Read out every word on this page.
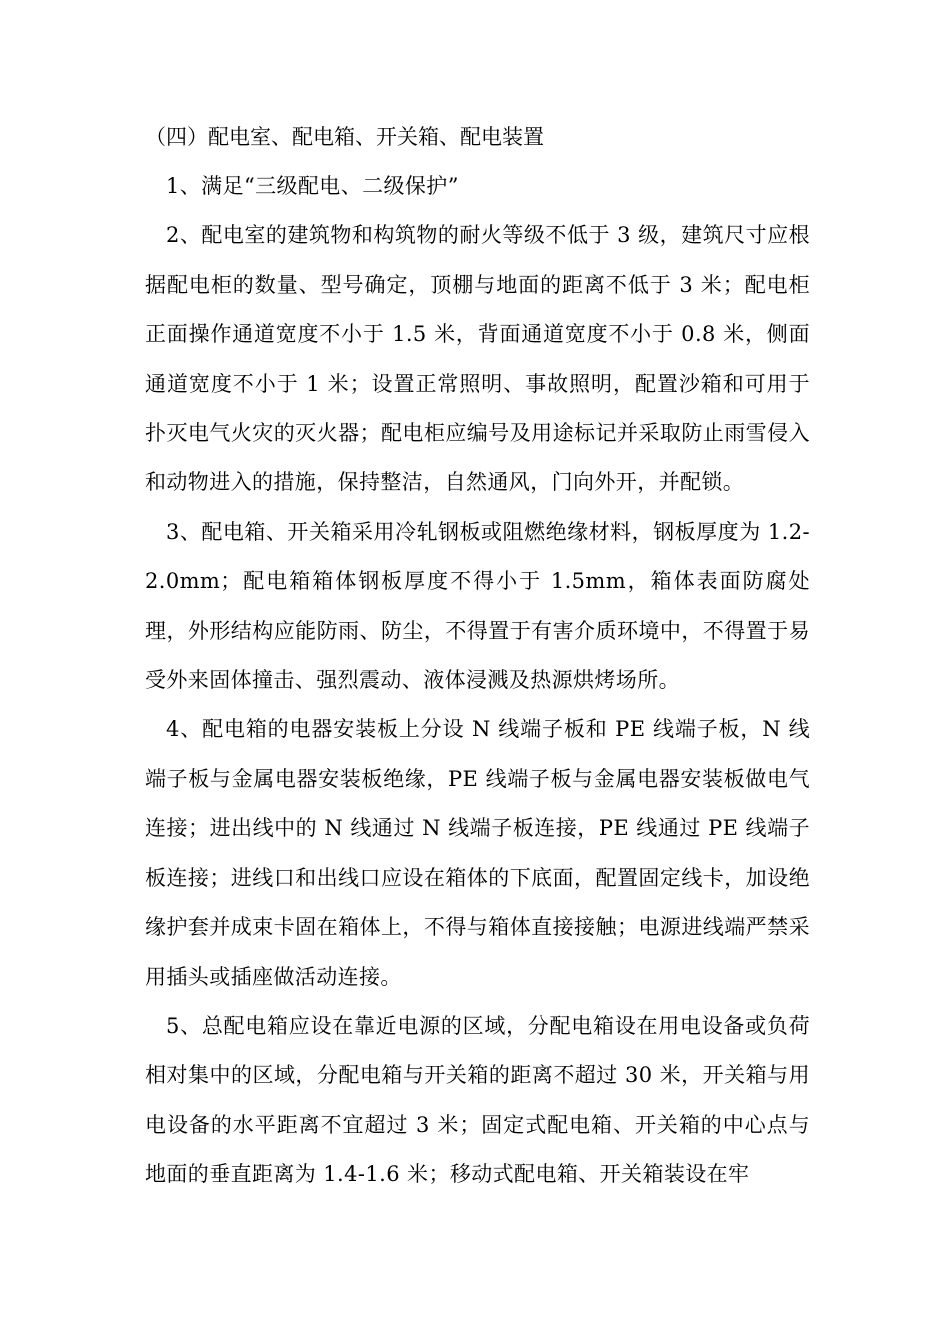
（四）配电室、配电箱、开关箱、配电装置

1、满足“三级配电、二级保护”

2、配电室的建筑物和构筑物的耐火等级不低于 3 级，建筑尺寸应根据配电柜的数量、型号确定，顶棚与地面的距离不低于 3 米；配电柜正面操作通道宽度不小于 1.5 米，背面通道宽度不小于 0.8 米，侧面通道宽度不小于 1 米；设置正常照明、事故照明，配置沙箱和可用于扑灭电气火灾的灭火器；配电柜应编号及用途标记并采取防止雨雪侵入和动物进入的措施，保持整洁，自然通风，门向外开，并配锁。

3、配电箱、开关箱采用冷轧钢板或阻燃绝缘材料，钢板厚度为 1.2-2.0mm；配电箱箱体钢板厚度不得小于 1.5mm，箱体表面防腐处理，外形结构应能防雨、防尘，不得置于有害介质环境中，不得置于易受外来固体撞击、强烈震动、液体浸溅及热源烘烤场所。

4、配电箱的电器安装板上分设 N 线端子板和 PE 线端子板，N 线端子板与金属电器安装板绝缘，PE 线端子板与金属电器安装板做电气连接；进出线中的 N 线通过 N 线端子板连接，PE 线通过 PE 线端子板连接；进线口和出线口应设在箱体的下底面，配置固定线卡，加设绝缘护套并成束卡固在箱体上，不得与箱体直接接触；电源进线端严禁采用插头或插座做活动连接。

5、总配电箱应设在靠近电源的区域，分配电箱设在用电设备或负荷相对集中的区域，分配电箱与开关箱的距离不超过 30 米，开关箱与用电设备的水平距离不宜超过 3 米；固定式配电箱、开关箱的中心点与地面的垂直距离为 1.4-1.6 米；移动式配电箱、开关箱装设在牢
